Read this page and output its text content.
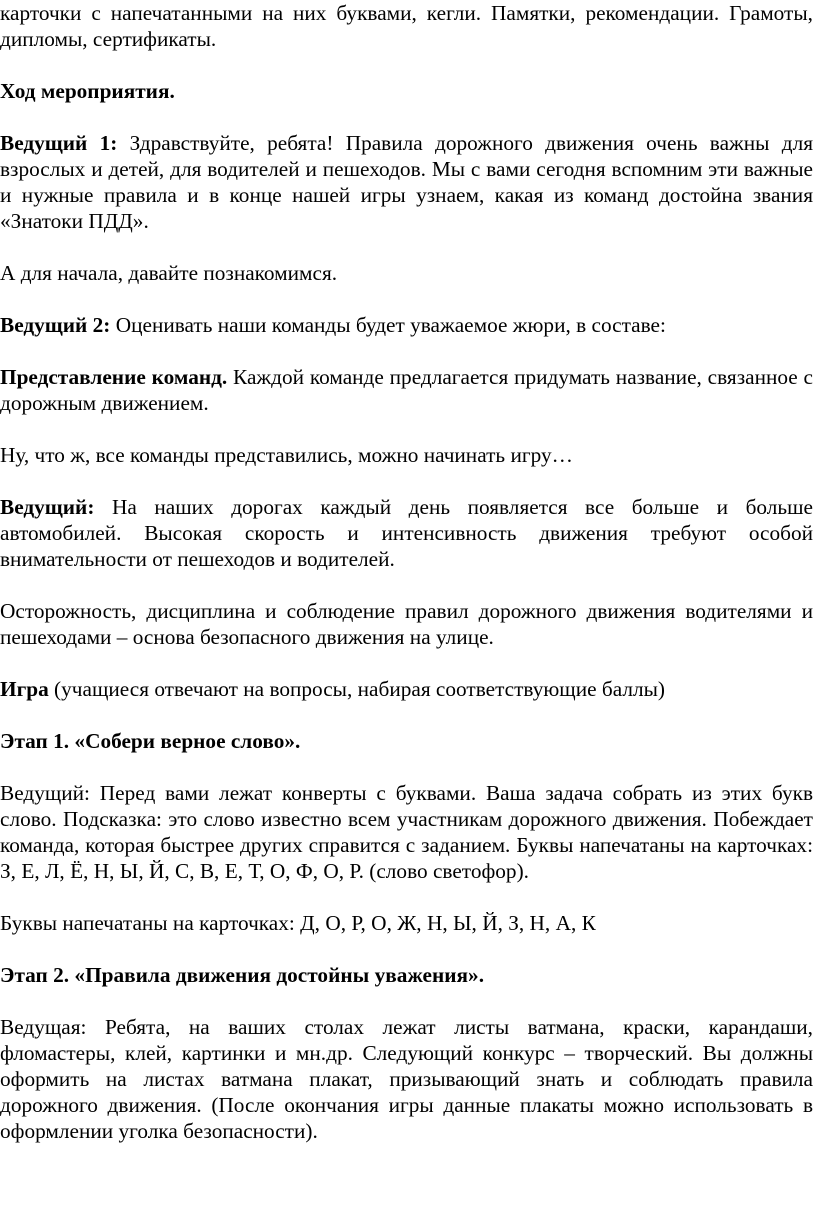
карточки с напечатанными на них буквами, кегли. Памятки, рекомендации. Грамоты, дипломы, сертификаты.
Ход мероприятия.
Ведущий 1: Здравствуйте, ребята! Правила дорожного движения очень важны для взрослых и детей, для водителей и пешеходов. Мы с вами сегодня вспомним эти важные и нужные правила и в конце нашей игры узнаем, какая из команд достойна звания «Знатоки ПДД».
А для начала, давайте познакомимся.
Ведущий 2: Оценивать наши команды будет уважаемое жюри, в составе:
Представление команд. Каждой команде предлагается придумать название, связанное с дорожным движением.
Ну, что ж, все команды представились, можно начинать игру…
Ведущий: На наших дорогах каждый день появляется все больше и больше автомобилей. Высокая скорость и интенсивность движения требуют особой внимательности от пешеходов и водителей.
Осторожность, дисциплина и соблюдение правил дорожного движения водителями и пешеходами – основа безопасного движения на улице.
Игра (учащиеся отвечают на вопросы, набирая соответствующие баллы)
Этап 1. «Собери верное слово».
Ведущий: Перед вами лежат конверты с буквами. Ваша задача собрать из этих букв слово. Подсказка: это слово известно всем участникам дорожного движения. Побеждает команда, которая быстрее других справится с заданием. Буквы напечатаны на карточках: З, Е, Л, Ё, Н, Ы, Й, С, В, Е, Т, О, Ф, О, Р. (слово светофор).
Буквы напечатаны на карточках: Д, О, Р, О, Ж, Н, Ы, Й, З, Н, А, К
Этап 2. «Правила движения достойны уважения».
Ведущая: Ребята, на ваших столах лежат листы ватмана, краски, карандаши, фломастеры, клей, картинки и мн.др. Следующий конкурс – творческий. Вы должны оформить на листах ватмана плакат, призывающий знать и соблюдать правила дорожного движения. (После окончания игры данные плакаты можно использовать в оформлении уголка безопасности).
